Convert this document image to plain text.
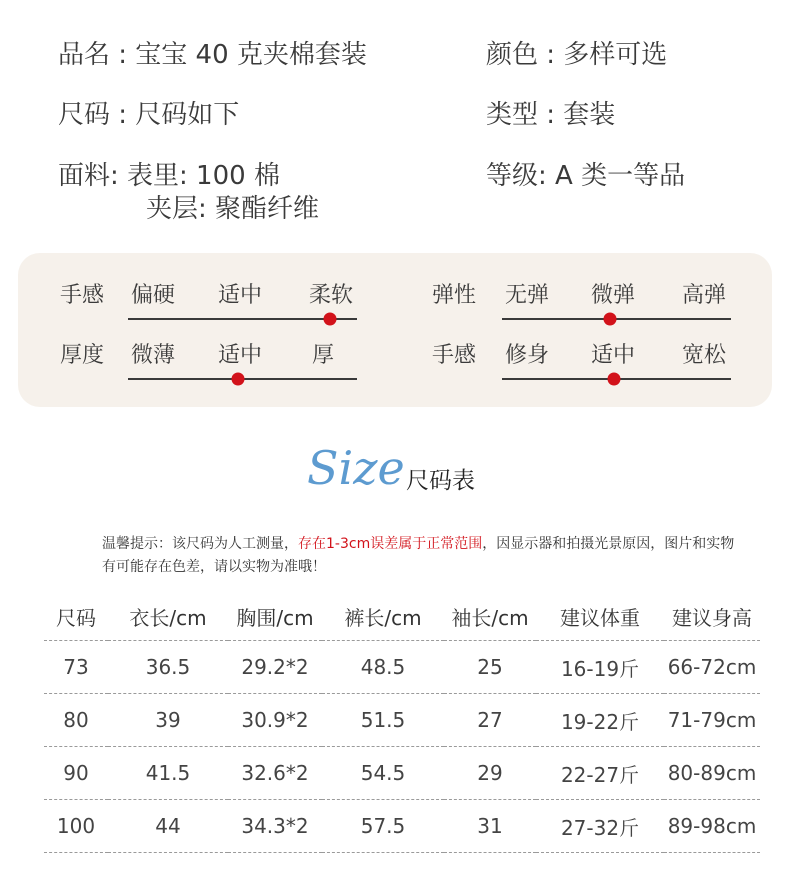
品名 : 宝宝 40 克夹棉套装	颜色 : 多样可选
尺码 : 尺码如下	类型 : 套装
面料: 表里: 100 棉
夹层: 聚酯纤维
等级: A 类一等品
手感 偏硬 适中 柔软
厚度 微薄 适中 厚
弹性 无弹 微弹 高弹
手感 修身 适中 宽松
Size 尺码表
温馨提示：该尺码为人工测量，存在1-3cm误差属于正常范围，因显示器和拍摄光景原因，图片和实物有可能存在色差，请以实物为准哦！
尺码	衣长/cm	胸围/cm	裤长/cm	袖长/cm	建议体重	建议身高
73	36.5	29.2*2	48.5	25	16-19斤	66-72cm
80	39	30.9*2	51.5	27	19-22斤	71-79cm
90	41.5	32.6*2	54.5	29	22-27斤	80-89cm
100	44	34.3*2	57.5	31	27-32斤	89-98cm
